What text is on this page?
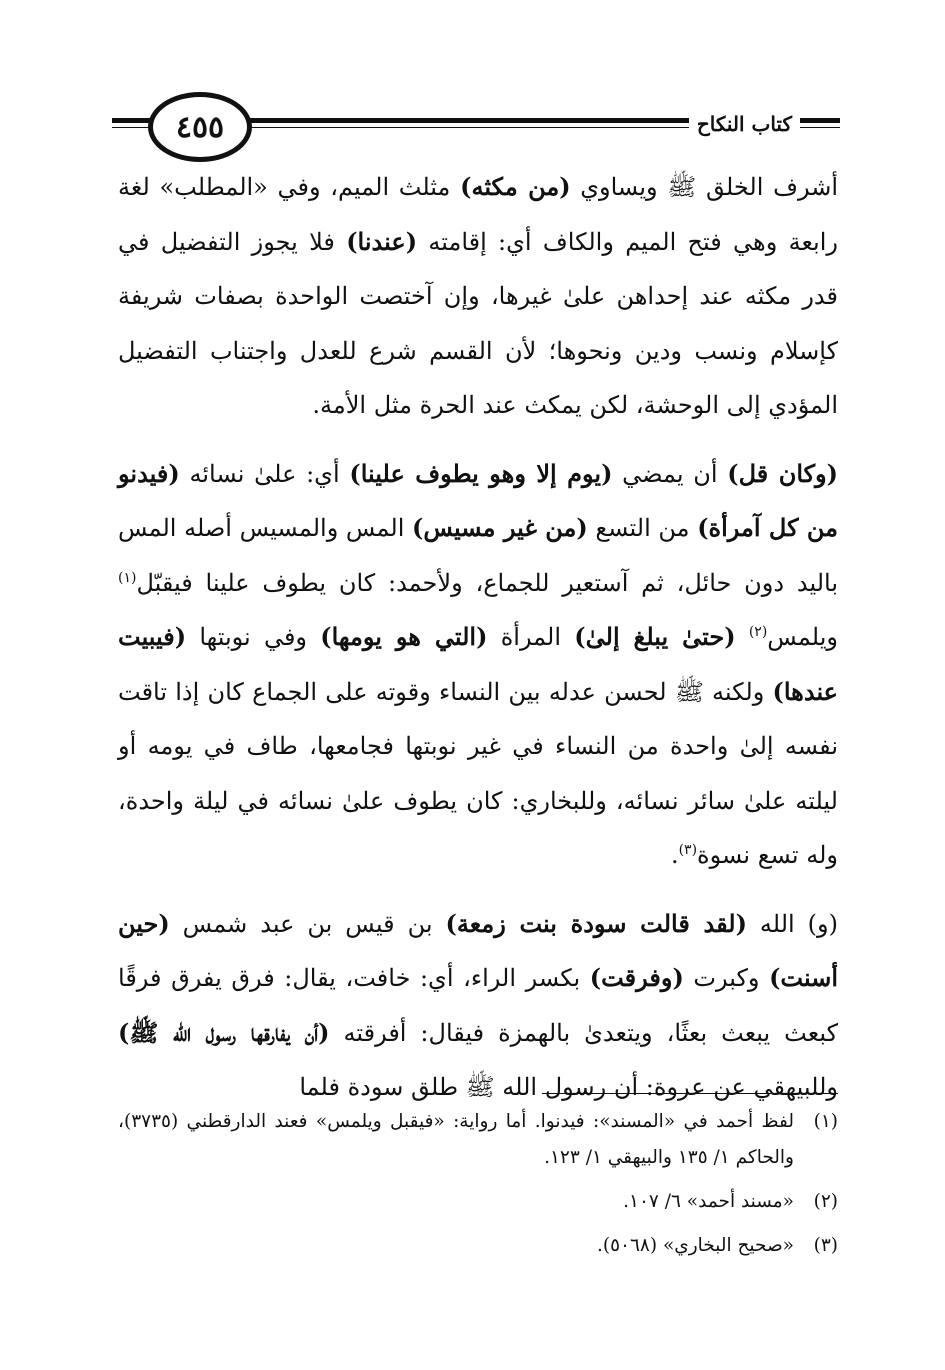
٤٥٥	كتاب النكاح

أشرف الخلق ﷺ ويساوي (من مكثه) مثلث الميم، وفي «المطلب» لغة رابعة وهي فتح الميم والكاف أي: إقامته (عندنا) فلا يجوز التفضيل في قدر مكثه عند إحداهن علىٰ غيرها، وإن آختصت الواحدة بصفات شريفة كإسلام ونسب ودين ونحوها؛ لأن القسم شرع للعدل واجتناب التفضيل المؤدي إلى الوحشة، لكن يمكث عند الحرة مثل الأمة.

(وكان قل) أن يمضي (يوم إلا وهو يطوف علينا) أي: علىٰ نسائه (فيدنو من كل آمرأة) من التسع (من غير مسيس) المس والمسيس أصله المس باليد دون حائل، ثم آستعير للجماع، ولأحمد: كان يطوف علينا فيقبّل$^{(١)}$ ويلمس$^{(٢)}$ (حتىٰ يبلغ إلىٰ) المرأة (التي هو يومها) وفي نوبتها (فيبيت عندها) ولكنه ﷺ لحسن عدله بين النساء وقوته على الجماع كان إذا تاقت نفسه إلىٰ واحدة من النساء في غير نوبتها فجامعها، طاف في يومه أو ليلته علىٰ سائر نسائه، وللبخاري: كان يطوف علىٰ نسائه في ليلة واحدة، وله تسع نسوة$^{(٣)}$.

(و) الله (لقد قالت سودة بنت زمعة) بن قيس بن عبد شمس (حين أسنت) وكبرت (وفرقت) بكسر الراء، أي: خافت، يقال: فرق يفرق فرقًا كبعث يبعث بعثًا، ويتعدىٰ بالهمزة فيقال: أفرقته (أن يفارقها رسول الله ﷺ) وللبيهقي عن عروة: أن رسول الله ﷺ طلق سودة فلما

(١)
لفظ أحمد في «المسند»: فيدنوا. أما رواية: «فيقبل ويلمس» فعند الدارقطني (٣٧٣٥)، والحاكم ١/ ١٣٥ والبيهقي ١/ ١٢٣.
(٢)
«مسند أحمد» ٦/ ١٠٧.
(٣)
«صحيح البخاري» (٥٠٦٨).
